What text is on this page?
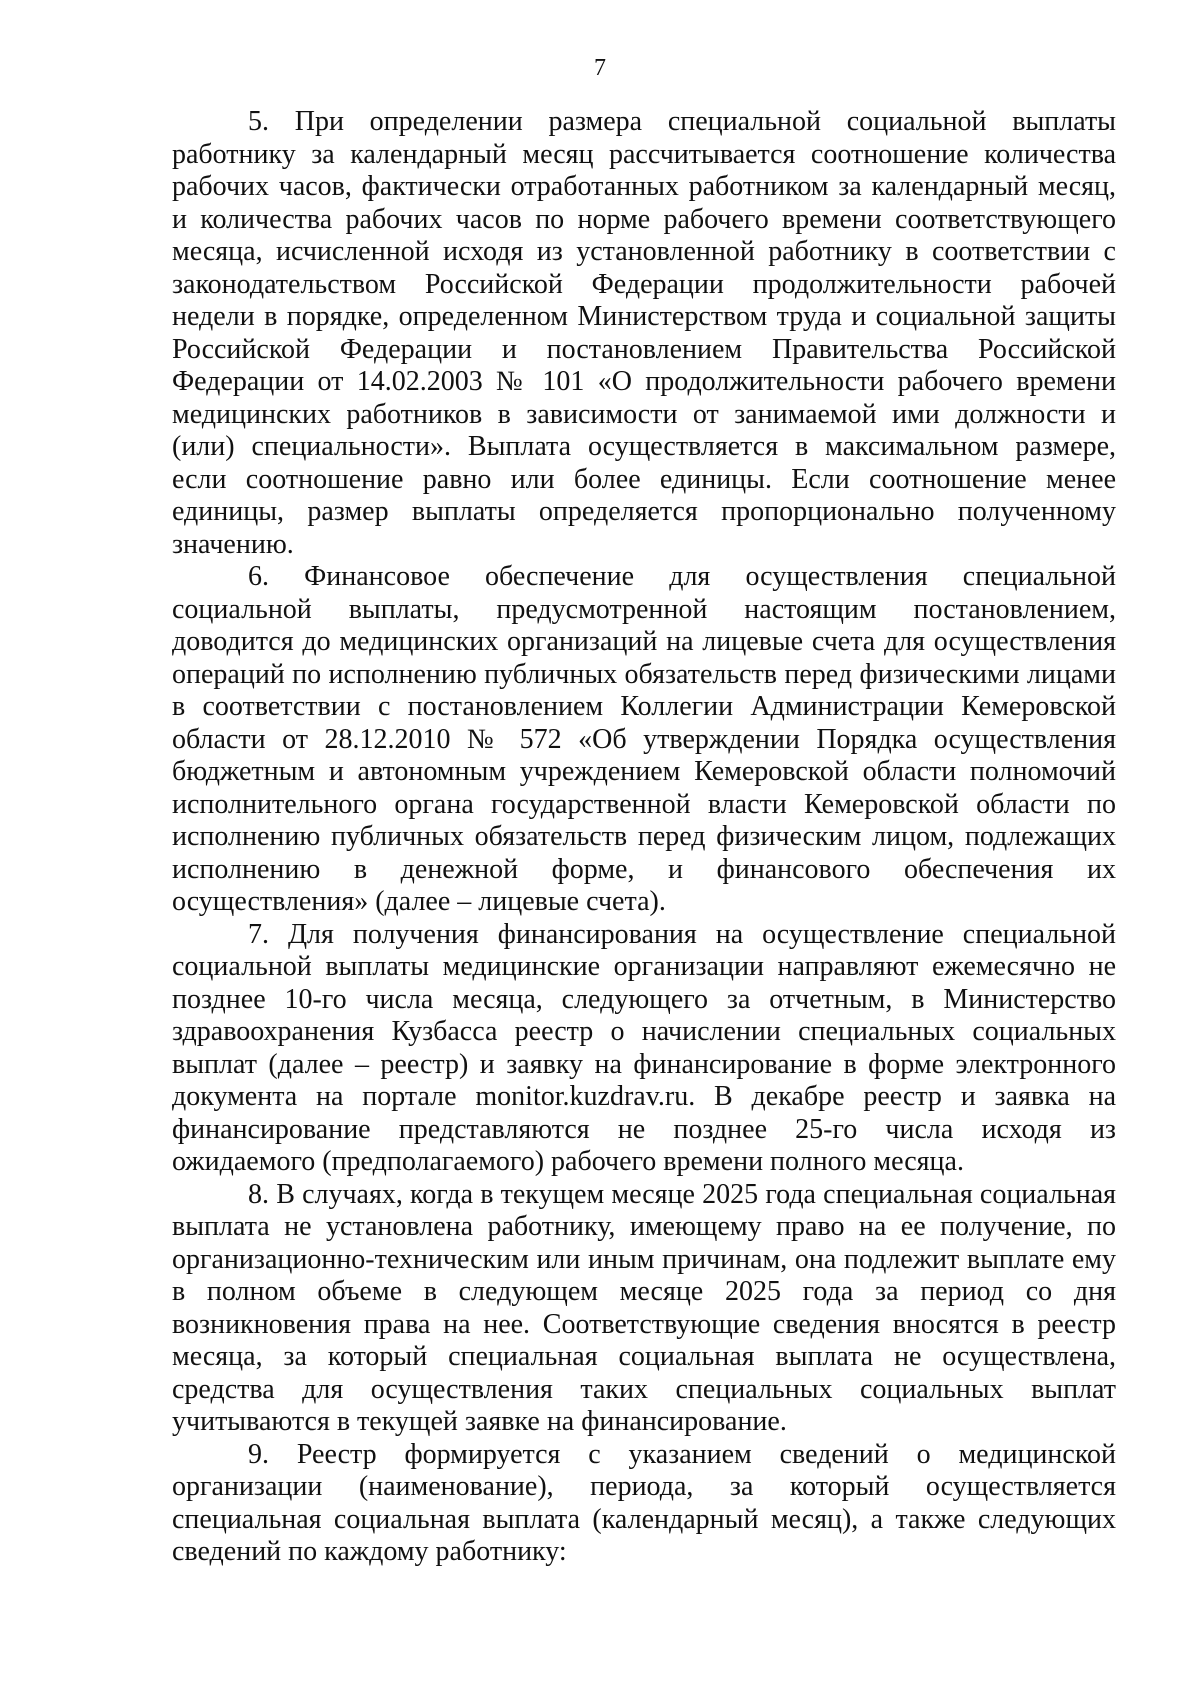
7

5. При определении размера специальной социальной выплаты работнику за календарный месяц рассчитывается соотношение количества рабочих часов, фактически отработанных работником за календарный месяц, и количества рабочих часов по норме рабочего времени соответствующего месяца, исчисленной исходя из установленной работнику в соответствии с законодательством Российской Федерации продолжительности рабочей недели в порядке, определенном Министерством труда и социальной защиты Российской Федерации и постановлением Правительства Российской Федерации от 14.02.2003 № 101 «О продолжительности рабочего времени медицинских работников в зависимости от занимаемой ими должности и (или) специальности». Выплата осуществляется в максимальном размере, если соотношение равно или более единицы. Если соотношение менее единицы, размер выплаты определяется пропорционально полученному значению.

6. Финансовое обеспечение для осуществления специальной социальной выплаты, предусмотренной настоящим постановлением, доводится до медицинских организаций на лицевые счета для осуществления операций по исполнению публичных обязательств перед физическими лицами в соответствии с постановлением Коллегии Администрации Кемеровской области от 28.12.2010 № 572 «Об утверждении Порядка осуществления бюджетным и автономным учреждением Кемеровской области полномочий исполнительного органа государственной власти Кемеровской области по исполнению публичных обязательств перед физическим лицом, подлежащих исполнению в денежной форме, и финансового обеспечения их осуществления» (далее – лицевые счета).

7. Для получения финансирования на осуществление специальной социальной выплаты медицинские организации направляют ежемесячно не позднее 10-го числа месяца, следующего за отчетным, в Министерство здравоохранения Кузбасса реестр о начислении специальных социальных выплат (далее – реестр) и заявку на финансирование в форме электронного документа на портале monitor.kuzdrav.ru. В декабре реестр и заявка на финансирование представляются не позднее 25-го числа исходя из ожидаемого (предполагаемого) рабочего времени полного месяца.

8. В случаях, когда в текущем месяце 2025 года специальная социальная выплата не установлена работнику, имеющему право на ее получение, по организационно-техническим или иным причинам, она подлежит выплате ему в полном объеме в следующем месяце 2025 года за период со дня возникновения права на нее. Соответствующие сведения вносятся в реестр месяца, за который специальная социальная выплата не осуществлена, средства для осуществления таких специальных социальных выплат учитываются в текущей заявке на финансирование.

9. Реестр формируется с указанием сведений о медицинской организации (наименование), периода, за который осуществляется специальная социальная выплата (календарный месяц), а также следующих сведений по каждому работнику:
